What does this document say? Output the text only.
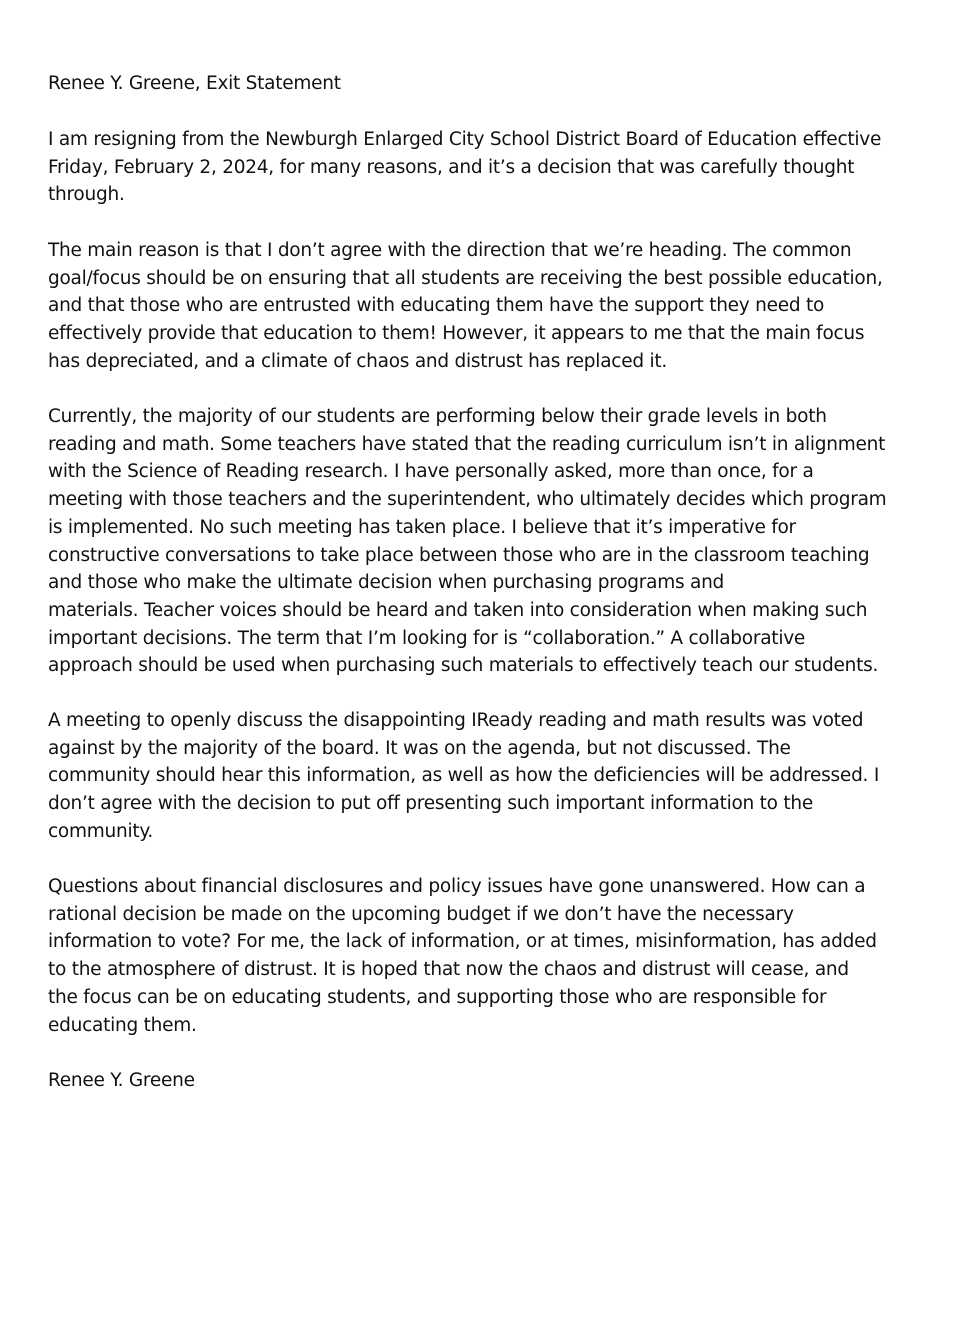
Renee Y. Greene, Exit Statement
I am resigning from the Newburgh Enlarged City School District Board of Education effective
Friday, February 2, 2024, for many reasons, and it’s a decision that was carefully thought
through.
The main reason is that I don’t agree with the direction that we’re heading. The common
goal/focus should be on ensuring that all students are receiving the best possible education,
and that those who are entrusted with educating them have the support they need to
effectively provide that education to them! However, it appears to me that the main focus
has depreciated, and a climate of chaos and distrust has replaced it.
Currently, the majority of our students are performing below their grade levels in both
reading and math. Some teachers have stated that the reading curriculum isn’t in alignment
with the Science of Reading research. I have personally asked, more than once, for a
meeting with those teachers and the superintendent, who ultimately decides which program
is implemented. No such meeting has taken place. I believe that it’s imperative for
constructive conversations to take place between those who are in the classroom teaching
and those who make the ultimate decision when purchasing programs and
materials. Teacher voices should be heard and taken into consideration when making such
important decisions. The term that I’m looking for is “collaboration.” A collaborative
approach should be used when purchasing such materials to effectively teach our students.
A meeting to openly discuss the disappointing IReady reading and math results was voted
against by the majority of the board. It was on the agenda, but not discussed. The
community should hear this information, as well as how the deficiencies will be addressed. I
don’t agree with the decision to put off presenting such important information to the
community.
Questions about financial disclosures and policy issues have gone unanswered. How can a
rational decision be made on the upcoming budget if we don’t have the necessary
information to vote? For me, the lack of information, or at times, misinformation, has added
to the atmosphere of distrust. It is hoped that now the chaos and distrust will cease, and
the focus can be on educating students, and supporting those who are responsible for
educating them.
Renee Y. Greene
